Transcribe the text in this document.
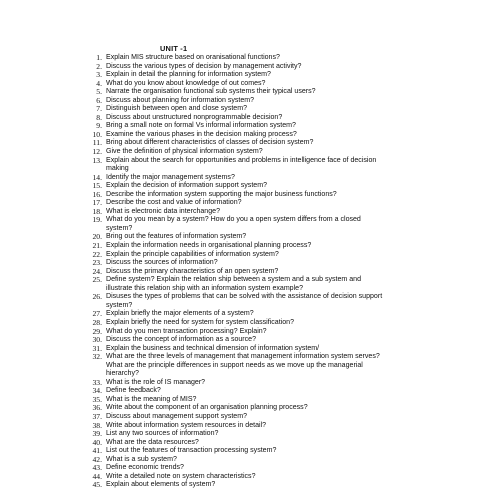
UNIT -1
1. Explain MIS structure based on oranisational functions?
2. Discuss the various types of decision by management activity?
3. Explain in detail the planning for information system?
4. What do you know about knowledge of out comes?
5. Narrate the organisation functional sub systems their typical users?
6. Discuss about planning for information system?
7. Distinguish between open and close system?
8. Discuss about unstructured nonprogrammable decision?
9. Bring a small note on formal Vs informal information system?
10. Examine the various phases in the decision making process?
11. Bring about different characteristics of classes of decision system?
12. Give the definition of physical information system?
13. Explain about the search for opportunities and problems in intelligence face of decision
making
14. Identify the major management systems?
15. Explain the decision of information support system?
16. Describe the information system supporting the major business functions?
17. Describe the cost and value of information?
18. What is electronic data interchange?
19. What do you mean by a system? How do you a open system differs from a closed
system?
20. Bring out the features of information system?
21. Explain the information needs in organisational planning process?
22. Explain the principle capabilities of information system?
23. Discuss the sources of information?
24. Discuss the primary characteristics of an open system?
25. Define system? Explain the relation ship between a system and a sub system and
illustrate this relation ship with an information system example?
26. Disuses the types of problems that can be solved with the assistance of decision support
system?
27. Explain briefly the major elements of a system?
28. Explain briefly the need for system for system classification?
29. What do you men transaction processing? Explain?
30. Discuss the concept of information as a source?
31. Explain the business and technical dimension of information system/
32. What are the three levels of management that management information system serves?
What are the principle differences in support needs as we move up the managerial
hierarchy?
33. What is the role of IS manager?
34. Define feedback?
35. What is the meaning of MIS?
36. Write about the component of an organisation planning process?
37. Discuss about management support system?
38. Write about information system resources in detail?
39. List any two sources of information?
40. What are the data resources?
41. List out the features of transaction processing system?
42. What is a sub system?
43. Define economic trends?
44. Write a detailed note on system characteristics?
45. Explain about elements of system?
